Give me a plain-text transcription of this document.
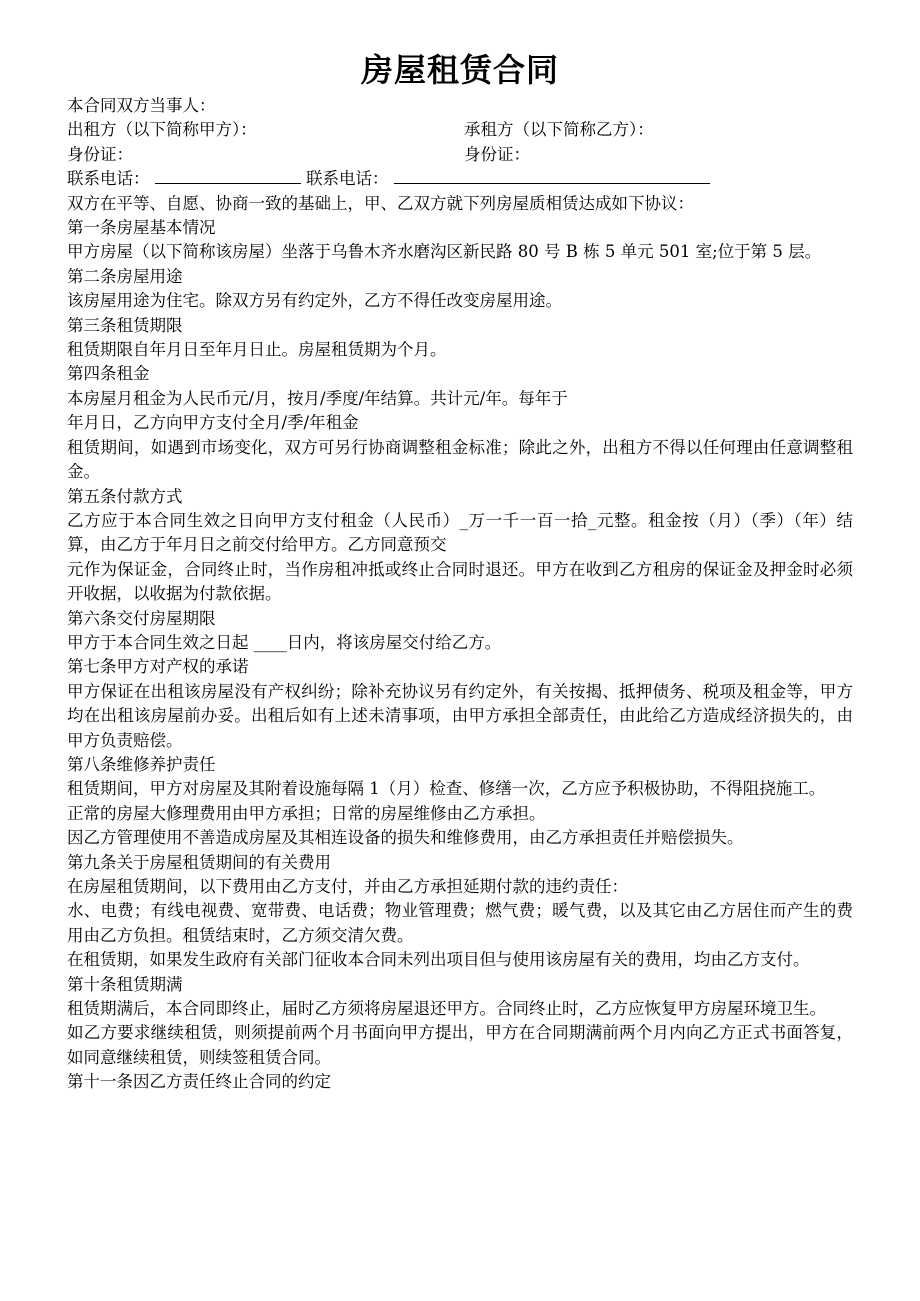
房屋租赁合同

本合同双方当事人：

出租方（以下简称甲方）：	承租方（以下简称乙方）：
身份证：	身份证：
联系电话：	联系电话：

双方在平等、自愿、协商一致的基础上，甲、乙双方就下列房屋质相赁达成如下协议：

第一条房屋基本情况

甲方房屋（以下简称该房屋）坐落于乌鲁木齐水磨沟区新民路 80 号 B 栋 5 单元 501 室;位于第 5 层。

第二条房屋用途

该房屋用途为住宅。除双方另有约定外，乙方不得任改变房屋用途。

第三条租赁期限

租赁期限自年月日至年月日止。房屋租赁期为个月。

第四条租金

本房屋月租金为人民币元/月，按月/季度/年结算。共计元/年。每年于

年月日，乙方向甲方支付全月/季/年租金

租赁期间，如遇到市场变化，双方可另行协商调整租金标准；除此之外，出租方不得以任何理由任意调整租金。

第五条付款方式

乙方应于本合同生效之日向甲方支付租金（人民币）_万一千一百一拾_元整。租金按（月）（季）（年）结算，由乙方于年月日之前交付给甲方。乙方同意预交

元作为保证金，合同终止时，当作房租冲抵或终止合同时退还。甲方在收到乙方租房的保证金及押金时必须开收据，以收据为付款依据。

第六条交付房屋期限

甲方于本合同生效之日起 ____日内，将该房屋交付给乙方。

第七条甲方对产权的承诺

甲方保证在出租该房屋没有产权纠纷；除补充协议另有约定外，有关按揭、抵押债务、税项及租金等，甲方均在出租该房屋前办妥。出租后如有上述未清事项，由甲方承担全部责任，由此给乙方造成经济损失的，由甲方负责赔偿。

第八条维修养护责任

租赁期间，甲方对房屋及其附着设施每隔 1（月）检查、修缮一次，乙方应予积极协助，不得阻挠施工。

正常的房屋大修理费用由甲方承担；日常的房屋维修由乙方承担。

因乙方管理使用不善造成房屋及其相连设备的损失和维修费用，由乙方承担责任并赔偿损失。

第九条关于房屋租赁期间的有关费用

在房屋租赁期间，以下费用由乙方支付，并由乙方承担延期付款的违约责任：

水、电费；有线电视费、宽带费、电话费；物业管理费；燃气费；暖气费，以及其它由乙方居住而产生的费用由乙方负担。租赁结束时，乙方须交清欠费。

在租赁期，如果发生政府有关部门征收本合同未列出项目但与使用该房屋有关的费用，均由乙方支付。

第十条租赁期满

租赁期满后，本合同即终止，届时乙方须将房屋退还甲方。合同终止时，乙方应恢复甲方房屋环境卫生。

如乙方要求继续租赁，则须提前两个月书面向甲方提出，甲方在合同期满前两个月内向乙方正式书面答复，如同意继续租赁，则续签租赁合同。

第十一条因乙方责任终止合同的约定
